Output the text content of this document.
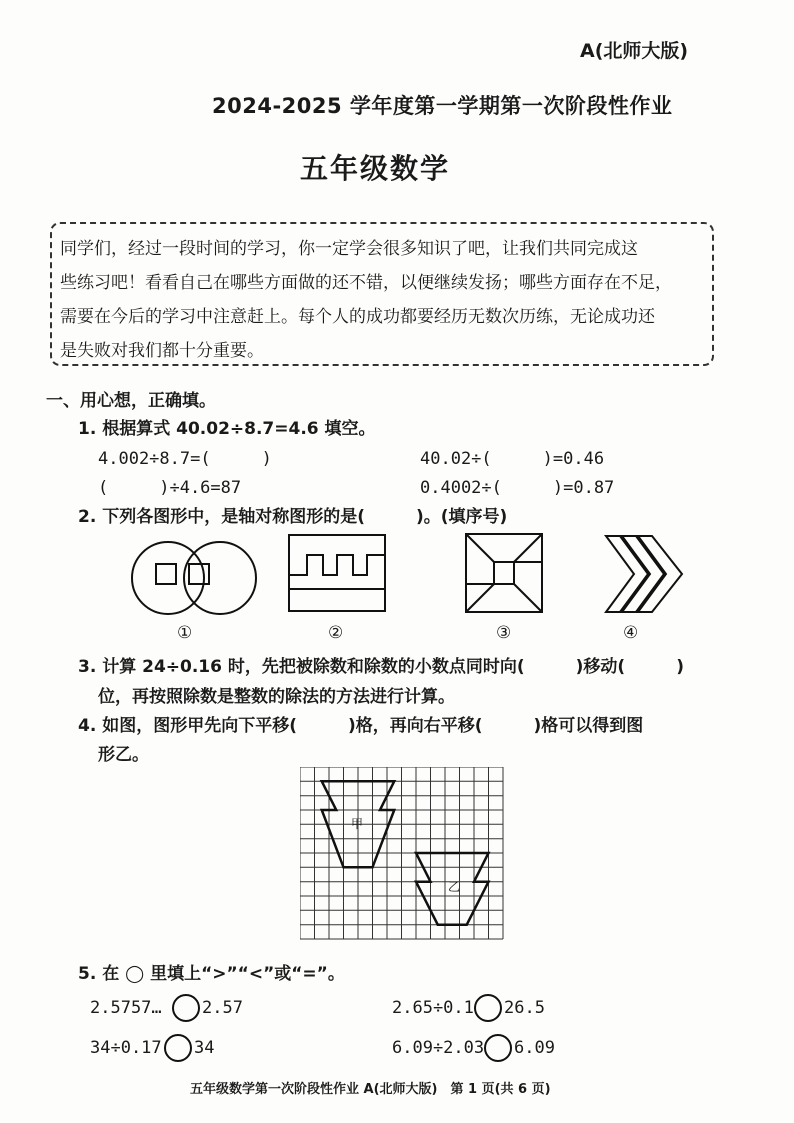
A(北师大版)
2024-2025 学年度第一学期第一次阶段性作业
五年级数学
同学们，经过一段时间的学习，你一定学会很多知识了吧，让我们共同完成这
些练习吧！看看自己在哪些方面做的还不错，以便继续发扬；哪些方面存在不足，
需要在今后的学习中注意赶上。每个人的成功都要经历无数次历练，无论成功还
是失败对我们都十分重要。
一、用心想，正确填。
1. 根据算式 40.02÷8.7=4.6 填空。
4.002÷8.7=(　　　)	40.02÷(　　　)=0.46
(　　　)÷4.6=87	0.4002÷(　　　)=0.87
2. 下列各图形中，是轴对称图形的是(　　　)。(填序号)
①	②	③	④
3. 计算 24÷0.16 时，先把被除数和除数的小数点同时向(　　　)移动(　　　)
位，再按照除数是整数的除法的方法进行计算。
4. 如图，图形甲先向下平移(　　　)格，再向右平移(　　　)格可以得到图
形乙。
甲
乙
5. 在 ◯ 里填上“>”“<”或“=”。
2.5757… 2.57	2.65÷0.1 26.5
34÷0.17 34	6.09÷2.03 6.09
五年级数学第一次阶段性作业 A(北师大版)　第 1 页(共 6 页)
